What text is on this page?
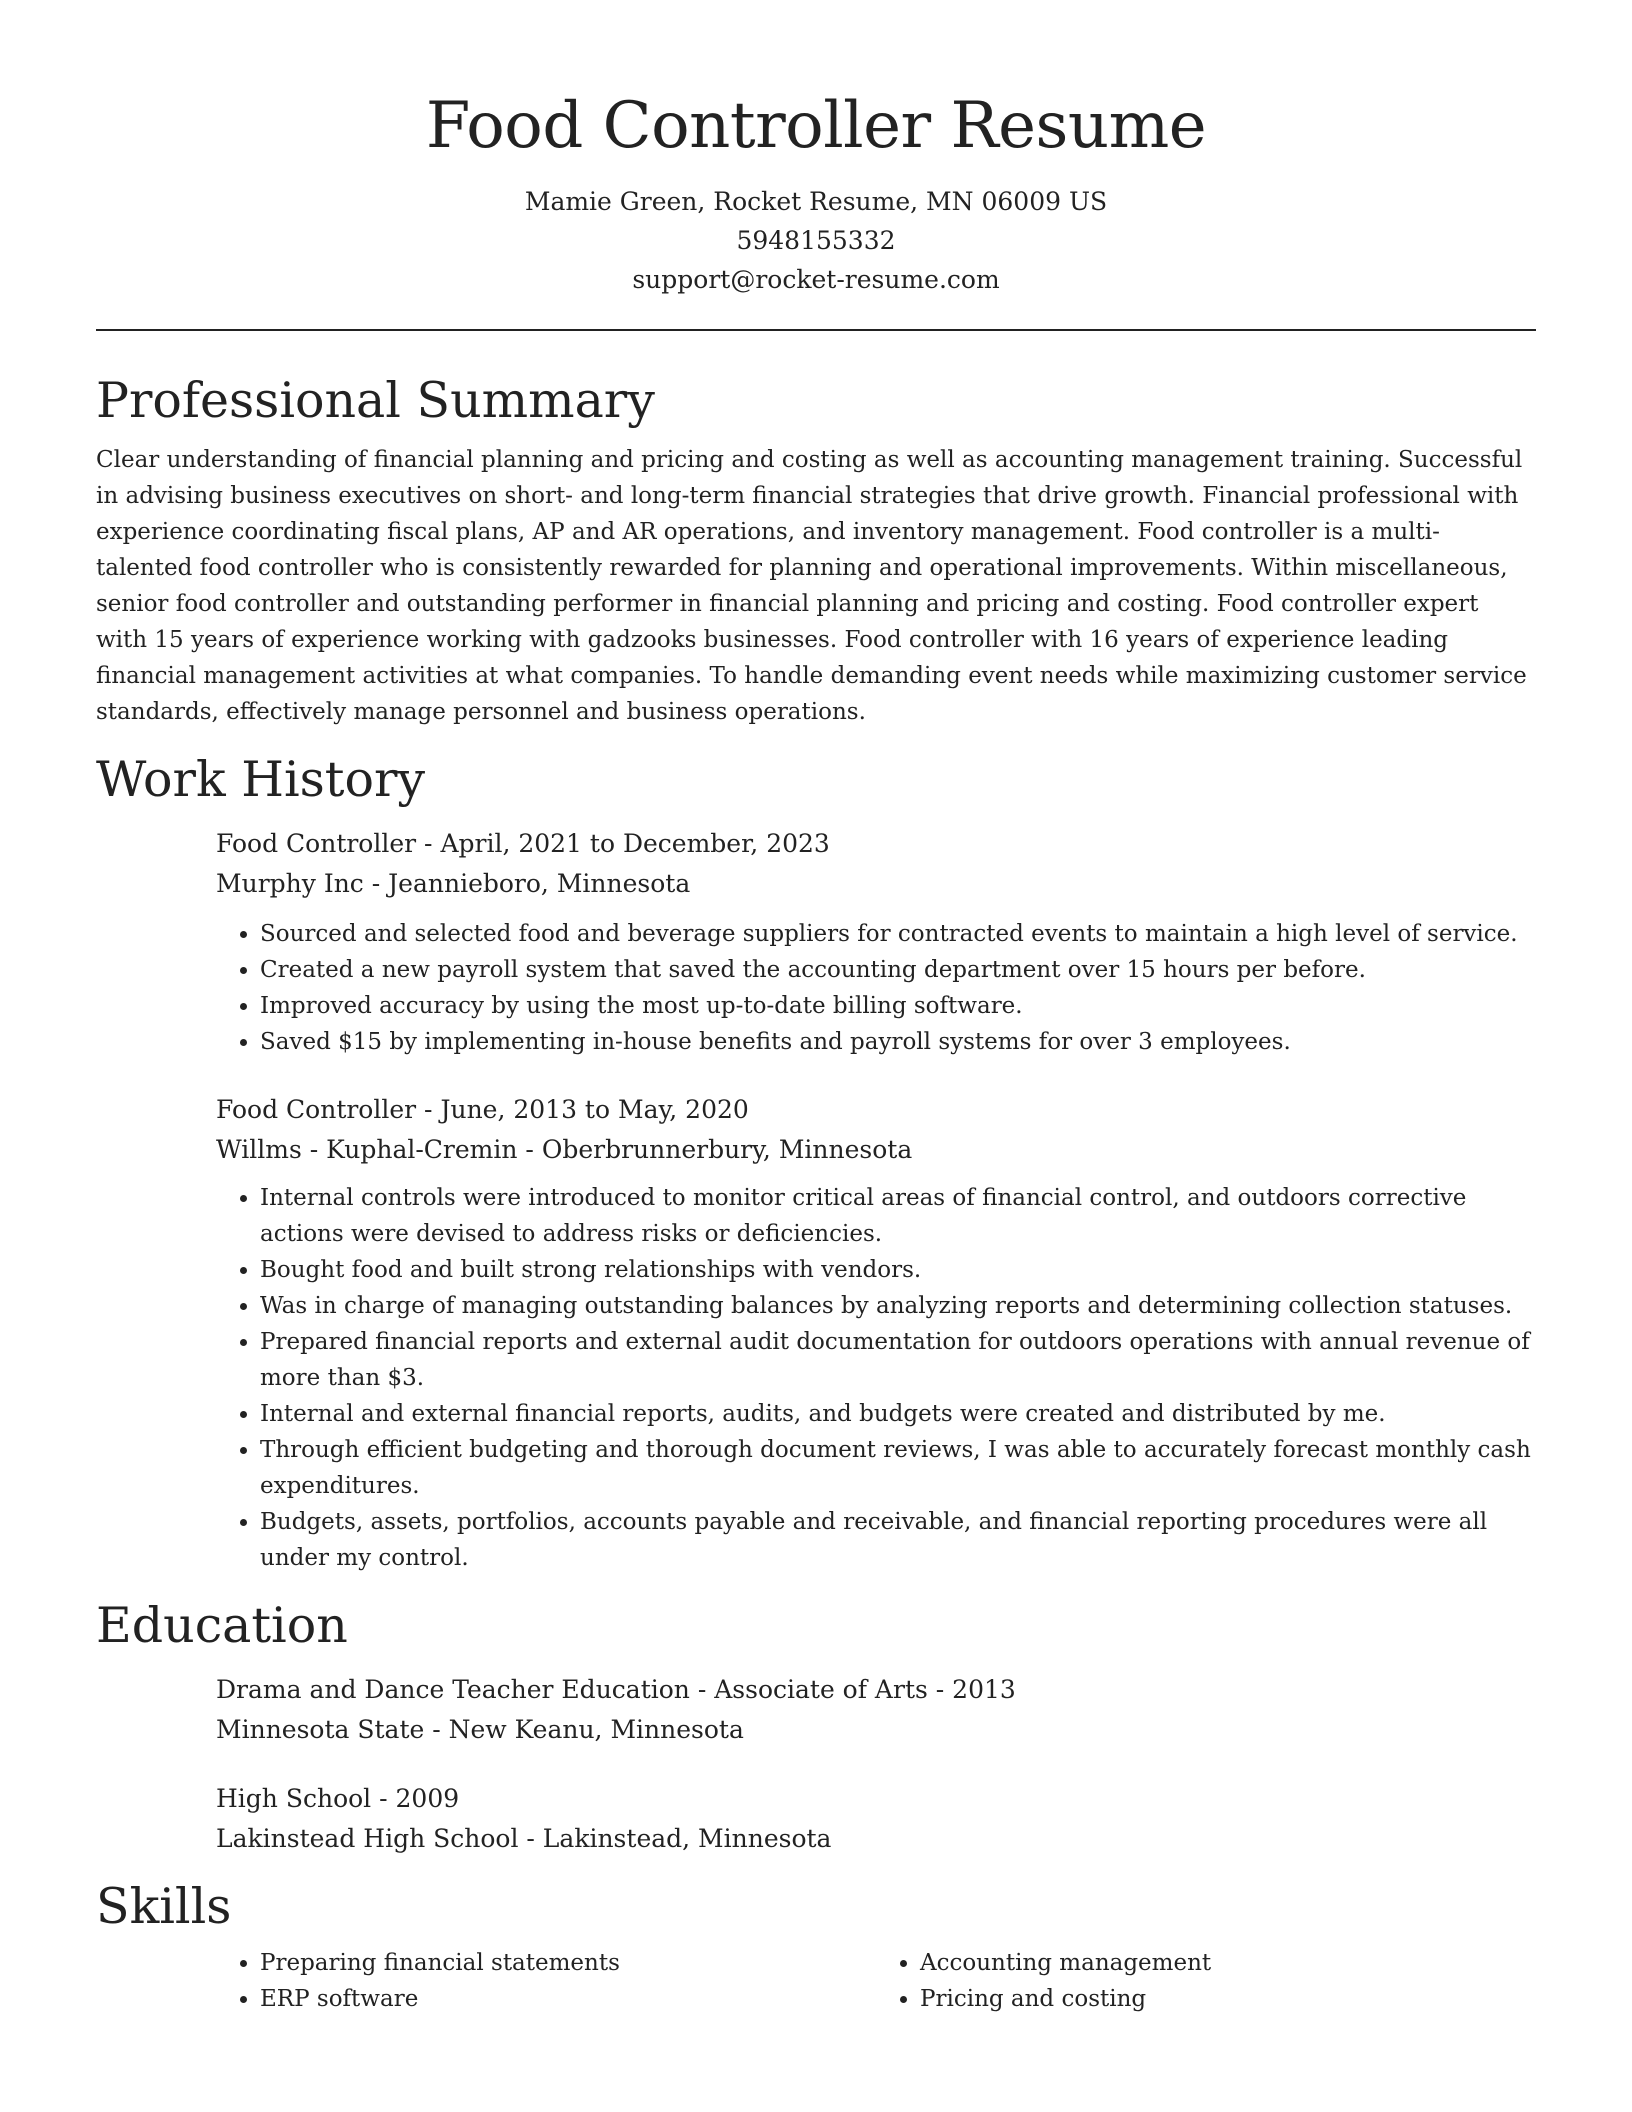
Food Controller Resume
Mamie Green, Rocket Resume, MN 06009 US
5948155332
support@rocket-resume.com
Professional Summary

Clear understanding of financial planning and pricing and costing as well as accounting management training. Successful in advising business executives on short- and long-term financial strategies that drive growth. Financial professional with experience coordinating fiscal plans, AP and AR operations, and inventory management. Food controller is a multi-talented food controller who is consistently rewarded for planning and operational improvements. Within miscellaneous, senior food controller and outstanding performer in financial planning and pricing and costing. Food controller expert with 15 years of experience working with gadzooks businesses. Food controller with 16 years of experience leading financial management activities at what companies. To handle demanding event needs while maximizing customer service standards, effectively manage personnel and business operations.

Work History
Food Controller - April, 2021 to December, 2023
Murphy Inc - Jeannieboro, Minnesota
• Sourced and selected food and beverage suppliers for contracted events to maintain a high level of service.
• Created a new payroll system that saved the accounting department over 15 hours per before.
• Improved accuracy by using the most up-to-date billing software.
• Saved $15 by implementing in-house benefits and payroll systems for over 3 employees.
Food Controller - June, 2013 to May, 2020
Willms - Kuphal-Cremin - Oberbrunnerbury, Minnesota
• Internal controls were introduced to monitor critical areas of financial control, and outdoors corrective actions were devised to address risks or deficiencies.
• Bought food and built strong relationships with vendors.
• Was in charge of managing outstanding balances by analyzing reports and determining collection statuses.
• Prepared financial reports and external audit documentation for outdoors operations with annual revenue of more than $3.
• Internal and external financial reports, audits, and budgets were created and distributed by me.
• Through efficient budgeting and thorough document reviews, I was able to accurately forecast monthly cash expenditures.
• Budgets, assets, portfolios, accounts payable and receivable, and financial reporting procedures were all under my control.
Education
Drama and Dance Teacher Education - Associate of Arts - 2013
Minnesota State - New Keanu, Minnesota
High School - 2009
Lakinstead High School - Lakinstead, Minnesota
Skills
• Preparing financial statements
• ERP software
• Accounting management
• Pricing and costing
